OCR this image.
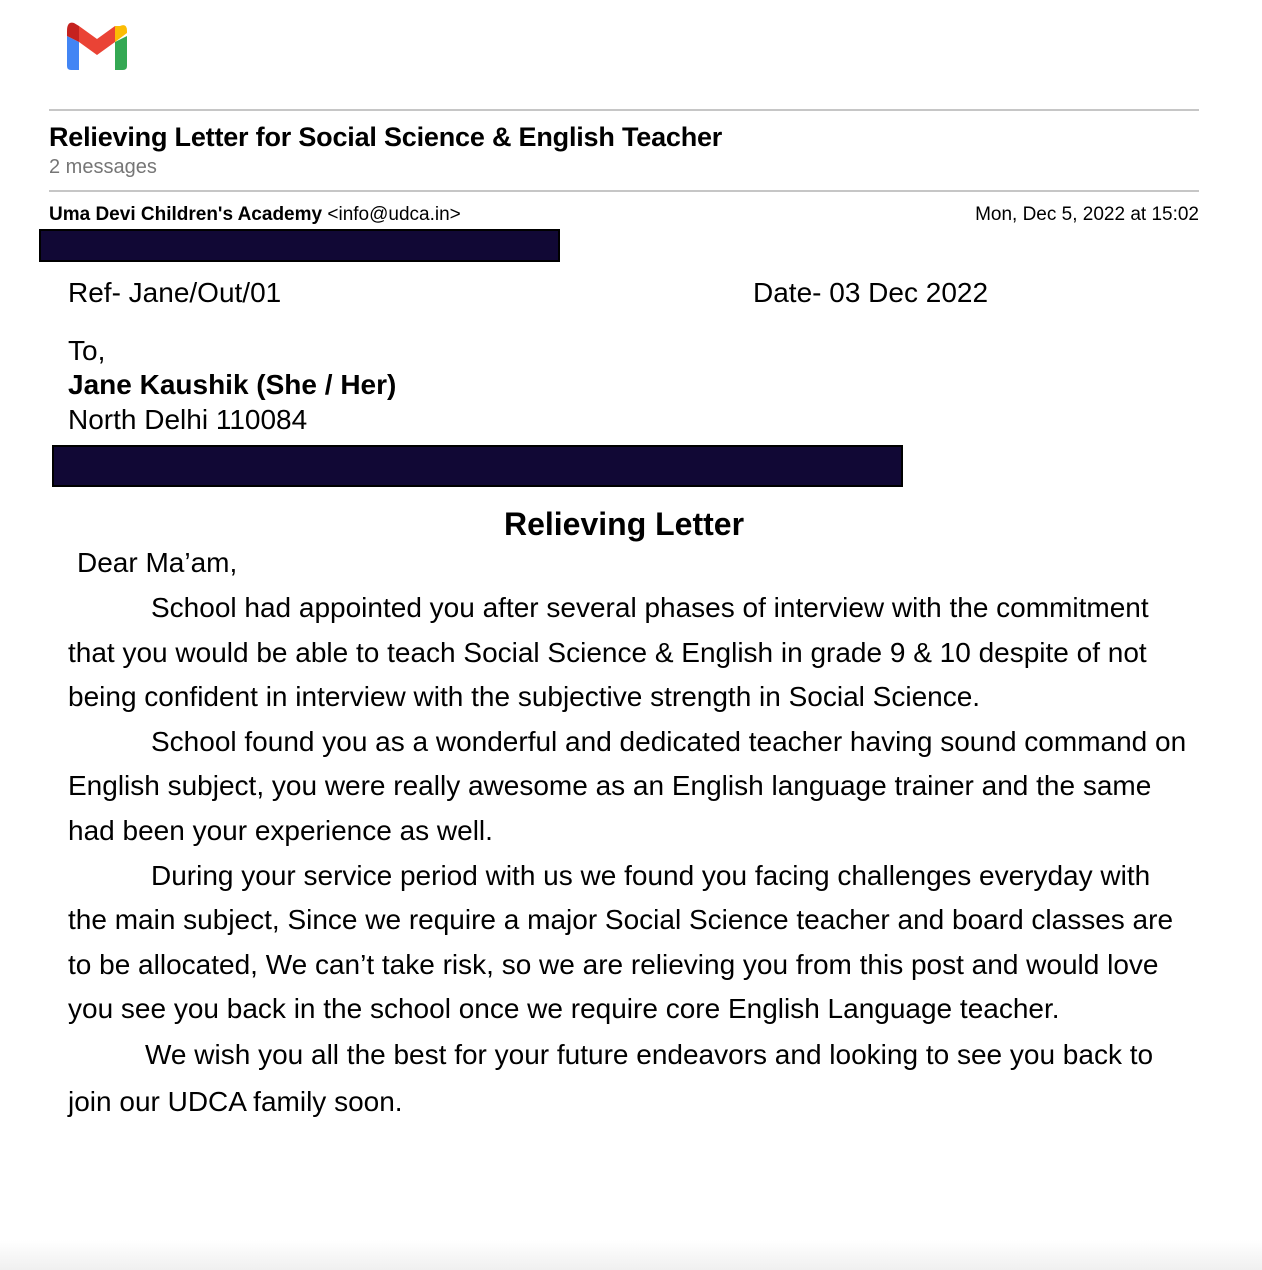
Relieving Letter for Social Science & English Teacher
2 messages
Uma Devi Children's Academy <info@udca.in>	Mon, Dec 5, 2022 at 15:02
Ref- Jane/Out/01	Date- 03 Dec 2022
To,
Jane Kaushik (She / Her)
North Delhi 110084
Relieving Letter
Dear Ma’am,

School had appointed you after several phases of interview with the commitment that you would be able to teach Social Science & English in grade 9 & 10 despite of not being confident in interview with the subjective strength in Social Science.

School found you as a wonderful and dedicated teacher having sound command on English subject, you were really awesome as an English language trainer and the same had been your experience as well.

During your service period with us we found you facing challenges everyday with the main subject, Since we require a major Social Science teacher and board classes are to be allocated, We can’t take risk, so we are relieving you from this post and would love you see you back in the school once we require core English Language teacher.

We wish you all the best for your future endeavors and looking to see you back to join our UDCA family soon.
